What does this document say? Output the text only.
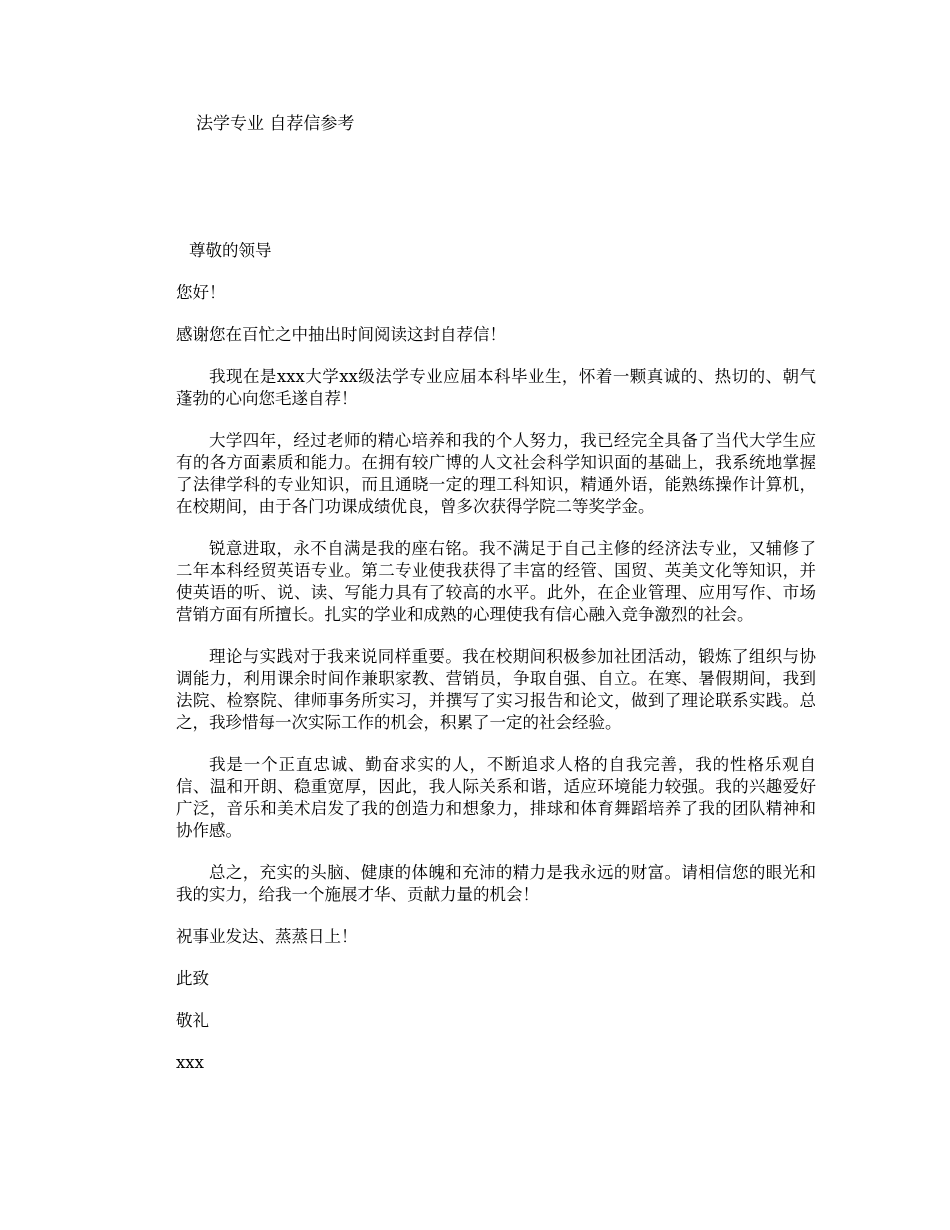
法学专业 自荐信参考

尊敬的领导

您好！

感谢您在百忙之中抽出时间阅读这封自荐信！

我现在是xxx大学xx级法学专业应届本科毕业生，怀着一颗真诚的、热切的、朝气蓬勃的心向您毛遂自荐！

大学四年，经过老师的精心培养和我的个人努力，我已经完全具备了当代大学生应有的各方面素质和能力。在拥有较广博的人文社会科学知识面的基础上，我系统地掌握了法律学科的专业知识，而且通晓一定的理工科知识，精通外语，能熟练操作计算机，在校期间，由于各门功课成绩优良，曾多次获得学院二等奖学金。

锐意进取，永不自满是我的座右铭。我不满足于自己主修的经济法专业，又辅修了二年本科经贸英语专业。第二专业使我获得了丰富的经管、国贸、英美文化等知识，并使英语的听、说、读、写能力具有了较高的水平。此外，在企业管理、应用写作、市场营销方面有所擅长。扎实的学业和成熟的心理使我有信心融入竞争激烈的社会。

理论与实践对于我来说同样重要。我在校期间积极参加社团活动，锻炼了组织与协调能力，利用课余时间作兼职家教、营销员，争取自强、自立。在寒、暑假期间，我到法院、检察院、律师事务所实习，并撰写了实习报告和论文，做到了理论联系实践。总之，我珍惜每一次实际工作的机会，积累了一定的社会经验。

我是一个正直忠诚、勤奋求实的人，不断追求人格的自我完善，我的性格乐观自信、温和开朗、稳重宽厚，因此，我人际关系和谐，适应环境能力较强。我的兴趣爱好广泛，音乐和美术启发了我的创造力和想象力，排球和体育舞蹈培养了我的团队精神和协作感。

总之，充实的头脑、健康的体魄和充沛的精力是我永远的财富。请相信您的眼光和我的实力，给我一个施展才华、贡献力量的机会！

祝事业发达、蒸蒸日上！

此致

敬礼

xxx
